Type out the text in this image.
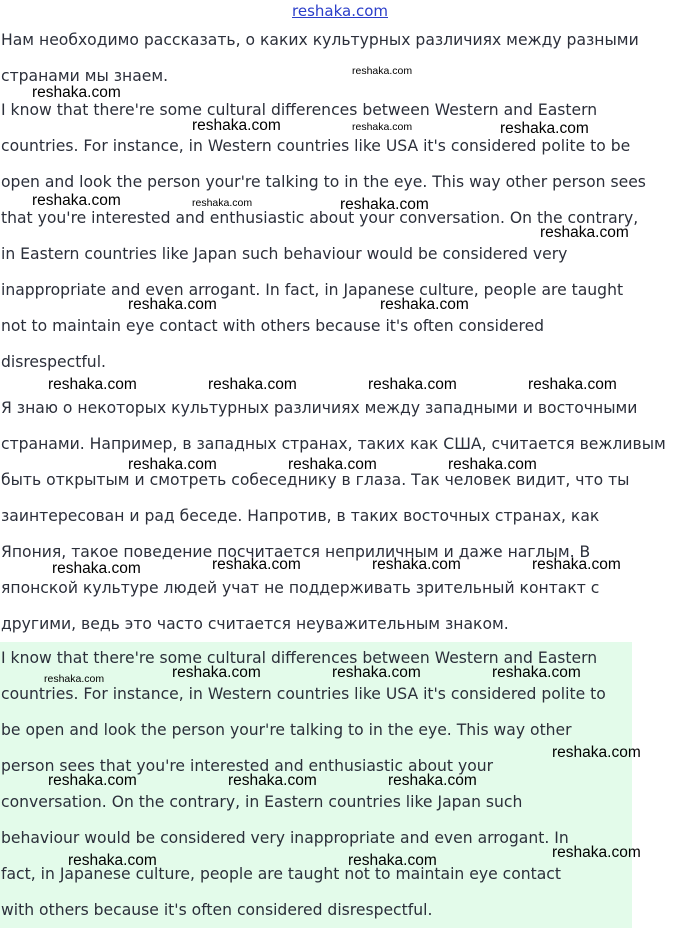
reshaka.com
Нам необходимо рассказать, о каких культурных различиях между разными
странами мы знаем.
I know that there're some cultural differences between Western and Eastern
countries. For instance, in Western countries like USA it's considered polite to be
open and look the person your're talking to in the eye. This way other person sees
that you're interested and enthusiastic about your conversation. On the contrary,
in Eastern countries like Japan such behaviour would be considered very
inappropriate and even arrogant. In fact, in Japanese culture, people are taught
not to maintain eye contact with others because it's often considered
disrespectful.
Я знаю о некоторых культурных различиях между западными и восточными
странами. Например, в западных странах, таких как США, считается вежливым
быть открытым и смотреть собеседнику в глаза. Так человек видит, что ты
заинтересован и рад беседе. Напротив, в таких восточных странах, как
Япония, такое поведение посчитается неприличным и даже наглым. В
японской культуре людей учат не поддерживать зрительный контакт с
другими, ведь это часто считается неуважительным знаком.
I know that there're some cultural differences between Western and Eastern
countries. For instance, in Western countries like USA it's considered polite to
be open and look the person your're talking to in the eye. This way other
person sees that you're interested and enthusiastic about your
conversation. On the contrary, in Eastern countries like Japan such
behaviour would be considered very inappropriate and even arrogant. In
fact, in Japanese culture, people are taught not to maintain eye contact
with others because it's often considered disrespectful.
reshaka.com
reshaka.com
reshaka.com	reshaka.com	reshaka.com
reshaka.com	reshaka.com	reshaka.com
reshaka.com
reshaka.com	reshaka.com
reshaka.com	reshaka.com	reshaka.com	reshaka.com
reshaka.com	reshaka.com	reshaka.com
reshaka.com	reshaka.com	reshaka.com	reshaka.com
reshaka.com	reshaka.com	reshaka.com	reshaka.com
reshaka.com
reshaka.com	reshaka.com	reshaka.com
reshaka.com
reshaka.com	reshaka.com
